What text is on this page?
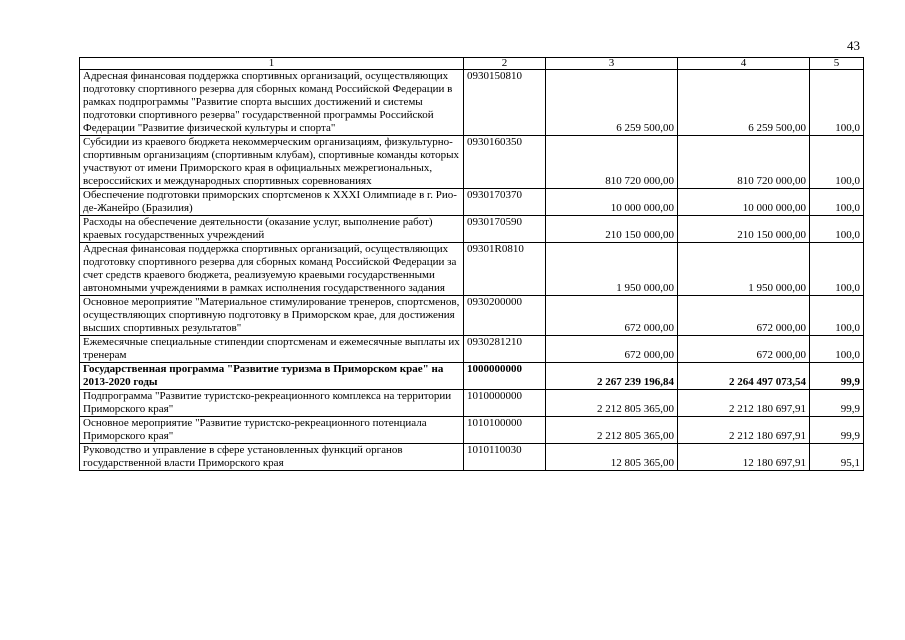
43
1	2	3	4	5
Адресная финансовая поддержка спортивных организаций, осуществляющих подготовку спортивного резерва для сборных команд Российской Федерации в рамках подпрограммы "Развитие спорта высших достижений и системы подготовки спортивного резерва" государственной программы Российской Федерации "Развитие физической культуры и спорта"	0930150810	6 259 500,00	6 259 500,00	100,0
Субсидии из краевого бюджета некоммерческим организациям, физкультурно-спортивным организациям (спортивным клубам), спортивные команды которых участвуют от имени Приморского края в официальных межрегиональных, всероссийских и международных спортивных соревнованиях	0930160350	810 720 000,00	810 720 000,00	100,0
Обеспечение подготовки приморских спортсменов к XXXI Олимпиаде в г. Рио-де-Жанейро (Бразилия)	0930170370	10 000 000,00	10 000 000,00	100,0
Расходы на обеспечение деятельности (оказание услуг, выполнение работ) краевых государственных учреждений	0930170590	210 150 000,00	210 150 000,00	100,0
Адресная финансовая поддержка спортивных организаций, осуществляющих подготовку спортивного резерва для сборных команд Российской Федерации за счет средств краевого бюджета, реализуемую краевыми государственными автономными учреждениями в рамках исполнения государственного задания	09301R0810	1 950 000,00	1 950 000,00	100,0
Основное мероприятие "Материальное стимулирование тренеров, спортсменов, осуществляющих спортивную подготовку в Приморском крае, для достижения высших спортивных результатов"	0930200000	672 000,00	672 000,00	100,0
Ежемесячные специальные стипендии спортсменам и ежемесячные выплаты их тренерам	0930281210	672 000,00	672 000,00	100,0
Государственная программа "Развитие туризма в Приморском крае" на 2013-2020 годы	1000000000	2 267 239 196,84	2 264 497 073,54	99,9
Подпрограмма "Развитие туристско-рекреационного комплекса на территории Приморского края"	1010000000	2 212 805 365,00	2 212 180 697,91	99,9
Основное мероприятие "Развитие туристско-рекреационного потенциала Приморского края"	1010100000	2 212 805 365,00	2 212 180 697,91	99,9
Руководство и управление в сфере установленных функций органов государственной власти Приморского края	1010110030	12 805 365,00	12 180 697,91	95,1
